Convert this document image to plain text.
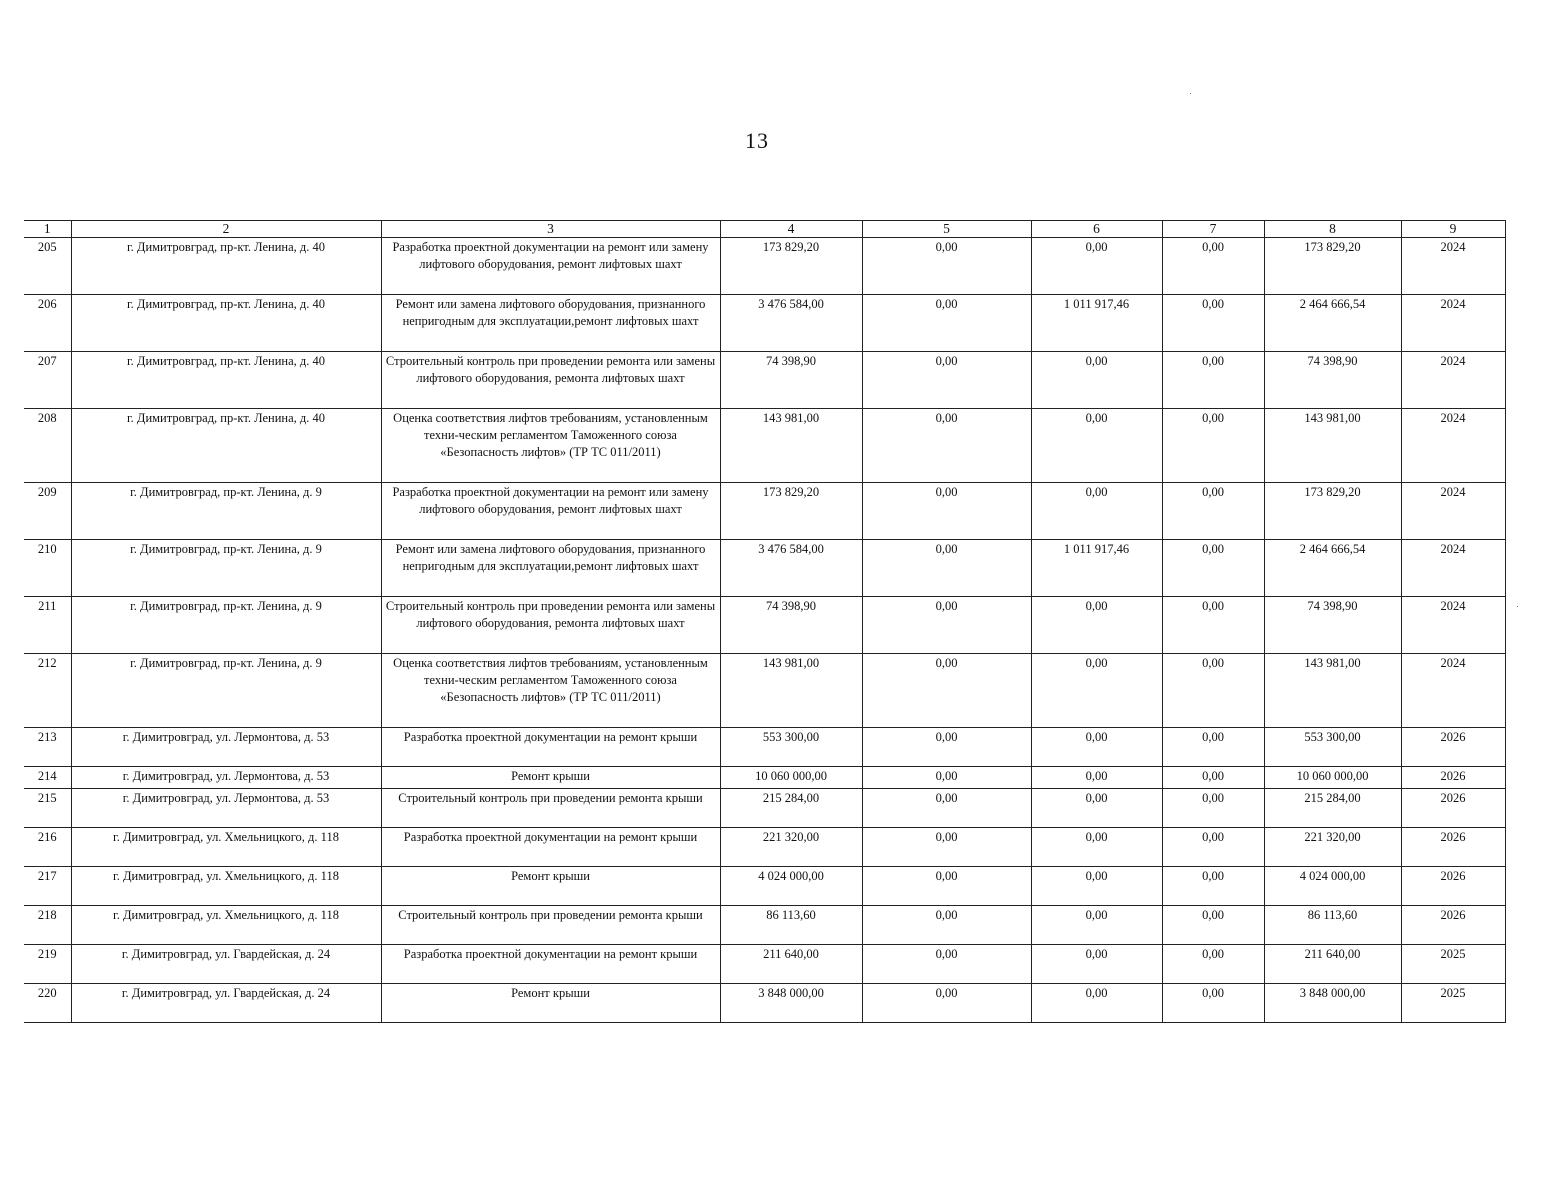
13
1	2	3	4	5	6	7	8	9
205	г. Димитровград, пр-кт. Ленина, д. 40	Разработка проектной документации на ремонт или замену лифтового оборудования, ремонт лифтовых шахт	173 829,20	0,00	0,00	0,00	173 829,20	2024
206	г. Димитровград, пр-кт. Ленина, д. 40	Ремонт или замена лифтового оборудования, признанного непригодным для эксплуатации,ремонт лифтовых шахт	3 476 584,00	0,00	1 011 917,46	0,00	2 464 666,54	2024
207	г. Димитровград, пр-кт. Ленина, д. 40	Строительный контроль при проведении ремонта или замены лифтового оборудования, ремонта лифтовых шахт	74 398,90	0,00	0,00	0,00	74 398,90	2024
208	г. Димитровград, пр-кт. Ленина, д. 40	Оценка соответствия лифтов требованиям, установленным техни-ческим регламентом Таможенного союза «Безопасность лифтов» (ТР ТС 011/2011)	143 981,00	0,00	0,00	0,00	143 981,00	2024
209	г. Димитровград, пр-кт. Ленина, д. 9	Разработка проектной документации на ремонт или замену лифтового оборудования, ремонт лифтовых шахт	173 829,20	0,00	0,00	0,00	173 829,20	2024
210	г. Димитровград, пр-кт. Ленина, д. 9	Ремонт или замена лифтового оборудования, признанного непригодным для эксплуатации,ремонт лифтовых шахт	3 476 584,00	0,00	1 011 917,46	0,00	2 464 666,54	2024
211	г. Димитровград, пр-кт. Ленина, д. 9	Строительный контроль при проведении ремонта или замены лифтового оборудования, ремонта лифтовых шахт	74 398,90	0,00	0,00	0,00	74 398,90	2024
212	г. Димитровград, пр-кт. Ленина, д. 9	Оценка соответствия лифтов требованиям, установленным техни-ческим регламентом Таможенного союза «Безопасность лифтов» (ТР ТС 011/2011)	143 981,00	0,00	0,00	0,00	143 981,00	2024
213	г. Димитровград, ул. Лермонтова, д. 53	Разработка проектной документации на ремонт крыши	553 300,00	0,00	0,00	0,00	553 300,00	2026
214	г. Димитровград, ул. Лермонтова, д. 53	Ремонт крыши	10 060 000,00	0,00	0,00	0,00	10 060 000,00	2026
215	г. Димитровград, ул. Лермонтова, д. 53	Строительный контроль при проведении ремонта крыши	215 284,00	0,00	0,00	0,00	215 284,00	2026
216	г. Димитровград, ул. Хмельницкого, д. 118	Разработка проектной документации на ремонт крыши	221 320,00	0,00	0,00	0,00	221 320,00	2026
217	г. Димитровград, ул. Хмельницкого, д. 118	Ремонт крыши	4 024 000,00	0,00	0,00	0,00	4 024 000,00	2026
218	г. Димитровград, ул. Хмельницкого, д. 118	Строительный контроль при проведении ремонта крыши	86 113,60	0,00	0,00	0,00	86 113,60	2026
219	г. Димитровград, ул. Гвардейская, д. 24	Разработка проектной документации на ремонт крыши	211 640,00	0,00	0,00	0,00	211 640,00	2025
220	г. Димитровград, ул. Гвардейская, д. 24	Ремонт крыши	3 848 000,00	0,00	0,00	0,00	3 848 000,00	2025
